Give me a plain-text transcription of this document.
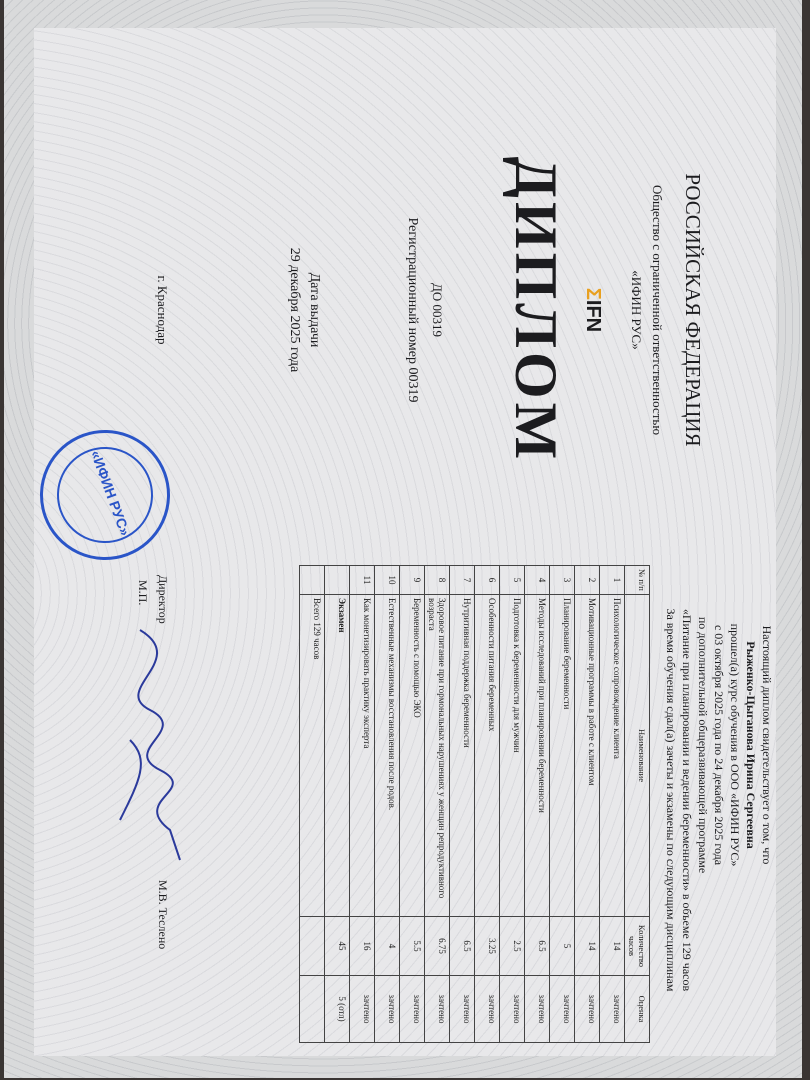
РОССИЙСКАЯ ФЕДЕРАЦИЯ
Общество с ограниченной ответственностью
«ИФИН РУС»
ΣIFN
ДИПЛОМ
ДО 00319
Регистрационный номер 00319
Дата выдачи
29 декабря 2025 года
г. Краснодар
Настоящий диплом свидетельствует о том, что
Рыженко-Цыганова Ирина Сергеевна
прошел(а) курс обучения в ООО «ИФИН РУС»
с 03 октября 2025 года по 24 декабря 2025 года
по дополнительной общеразвивающей программе
«Питание при планировании и ведении беременности» в объеме 129 часов
За время обучения сдал(а) зачеты и экзамены по следующим дисциплинам
№ п/п	Наименование	Количество часов	Оценка
1	Психологическое сопровождение клиента	14	зачтено
2	Мотивационные программы в работе с клиентом	14	зачтено
3	Планирование беременности	5	зачтено
4	Методы исследований при планировании беременности	6.5	зачтено
5	Подготовка к беременности для мужчин	2.5	зачтено
6	Особенности питания беременных	3.25	зачтено
7	Нутритивная поддержка беременности	6.5	зачтено
8	Здоровое питание при гормональных нарушениях у женщин репродуктивного возраста	6.75	зачтено
9	Беременность с помощью ЭКО	5.5	зачтено
10	Естественные механизмы восстановления после родов.	4	зачтено
11	Как монетизировать практику эксперта	16	зачтено
	Экзамен	45	5 (отл)
	Всего 129 часов		
Директор
М.П.
М.В. Теслено
«ИФИН РУС»
